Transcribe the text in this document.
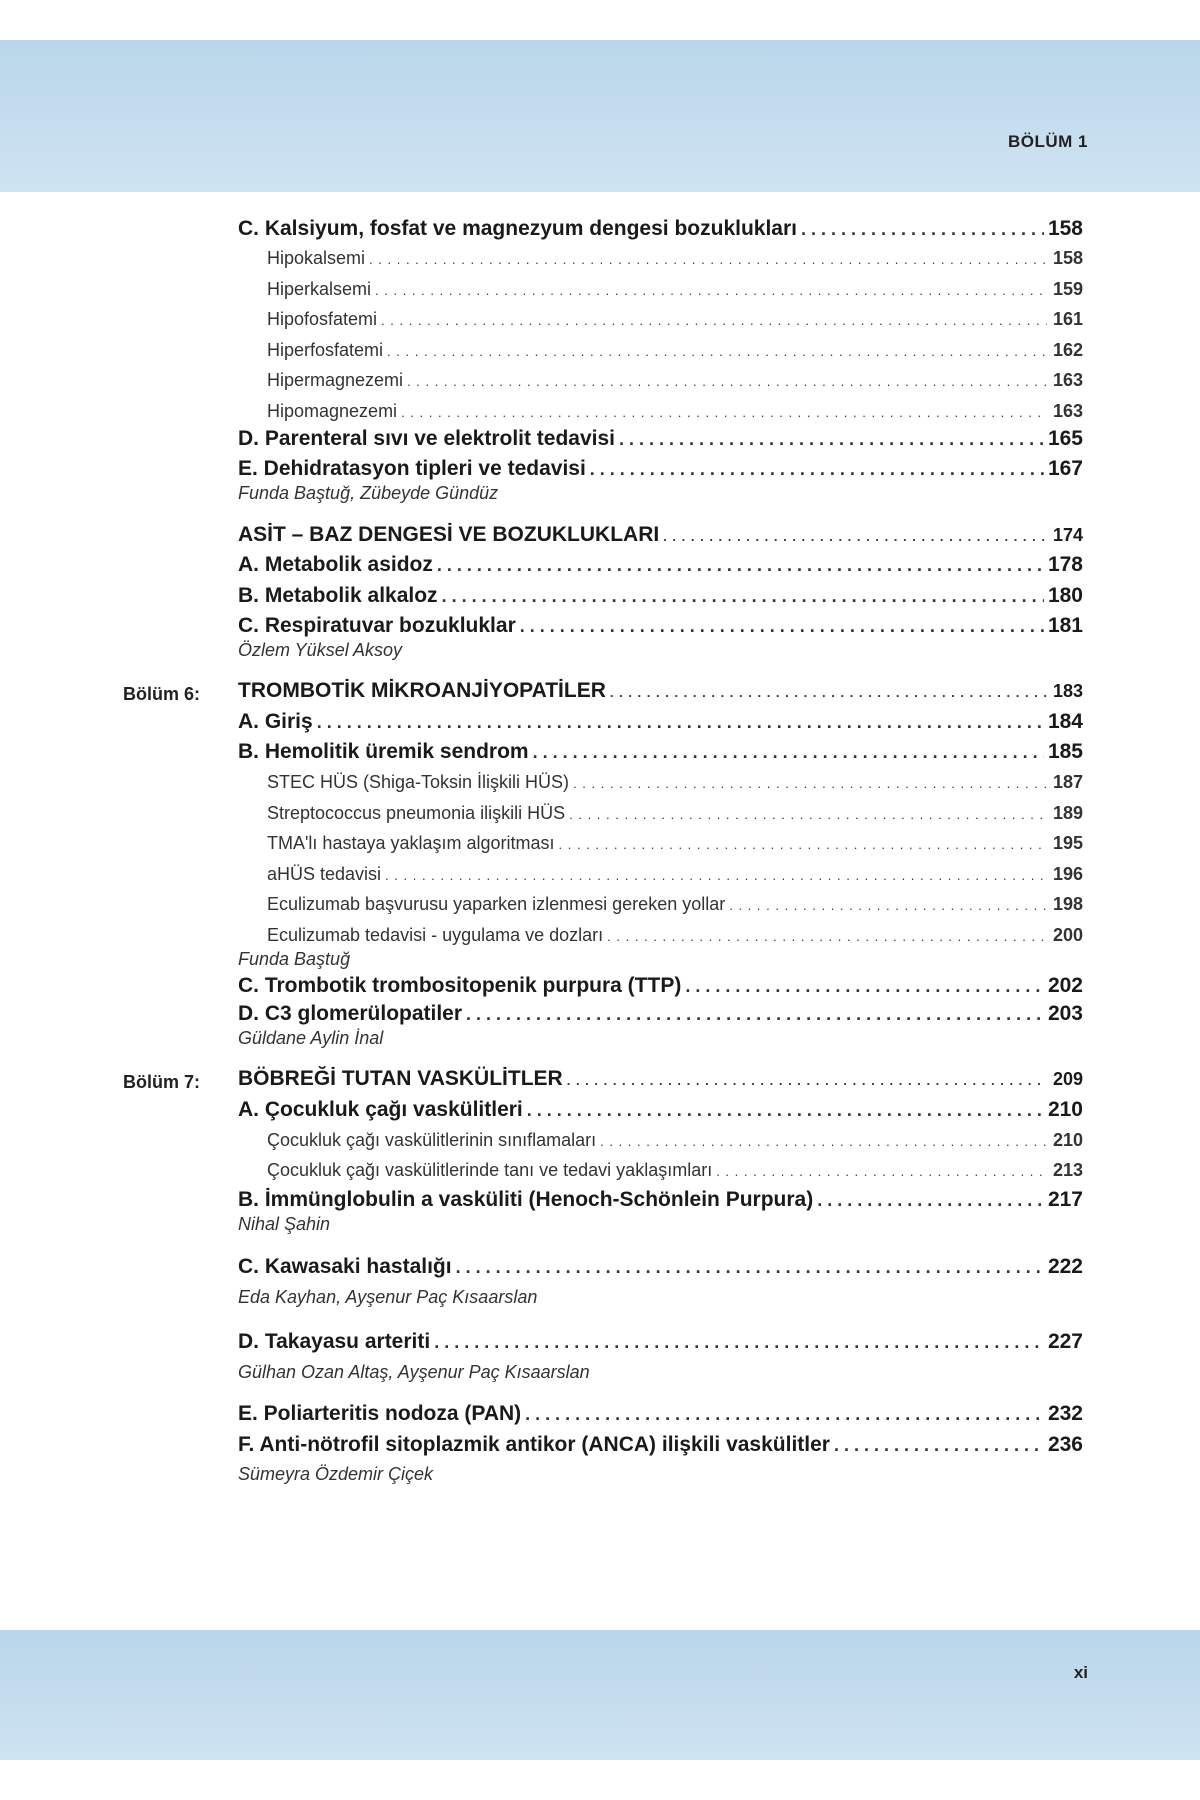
BÖLÜM 1
C. Kalsiyum, fosfat ve magnezyum dengesi bozuklukları . . .	158
Hipokalsemi . . .	158
Hiperkalsemi . . .	159
Hipofosfatemi . . .	161
Hiperfosfatemi . . .	162
Hipermagnezemi . . .	163
Hipomagnezemi . . .	163
D. Parenteral sıvı ve elektrolit tedavisi . . .	165
E. Dehidratasyon tipleri ve tedavisi . . .	167
Funda Baştuğ, Zübeyde Gündüz
ASİT – BAZ DENGESİ VE BOZUKLUKLARI . . .	174
A. Metabolik asidoz . . .	178
B. Metabolik alkaloz . . .	180
C. Respiratuvar bozukluklar . . .	181
Özlem Yüksel Aksoy
Bölüm 6: TROMBOTİK MİKROANJİYOPATİLER . . .	183
A. Giriş . . .	184
B. Hemolitik üremik sendrom . . .	185
STEC HÜS (Shiga-Toksin İlişkili HÜS) . . .	187
Streptococcus pneumonia ilişkili HÜS . . .	189
TMA'lı hastaya yaklaşım algoritması . . .	195
aHÜS tedavisi . . .	196
Eculizumab başvurusu yaparken izlenmesi gereken yollar . . .	198
Eculizumab tedavisi - uygulama ve dozları . . .	200
Funda Baştuğ
C. Trombotik trombositopenik purpura (TTP) . . .	202
D. C3 glomerülopatiler . . .	203
Güldane Aylin İnal
Bölüm 7: BÖBREĞİ TUTAN VASKÜLİTLER . . .	209
A. Çocukluk çağı vaskülitleri . . .	210
Çocukluk çağı vaskülitlerinin sınıflamaları . . .	210
Çocukluk çağı vaskülitlerinde tanı ve tedavi yaklaşımları . . .	213
B. İmmünglobulin a vasküliti (Henoch-Schönlein Purpura) . . .	217
Nihal Şahin
C. Kawasaki hastalığı . . .	222
Eda Kayhan, Ayşenur Paç Kısaarslan
D. Takayasu arteriti . . .	227
Gülhan Ozan Altaş, Ayşenur Paç Kısaarslan
E. Poliarteritis nodoza (PAN) . . .	232
F. Anti-nötrofil sitoplazmik antikor (ANCA) ilişkili vaskülitler . . .	236
Sümeyra Özdemir Çiçek
xi
